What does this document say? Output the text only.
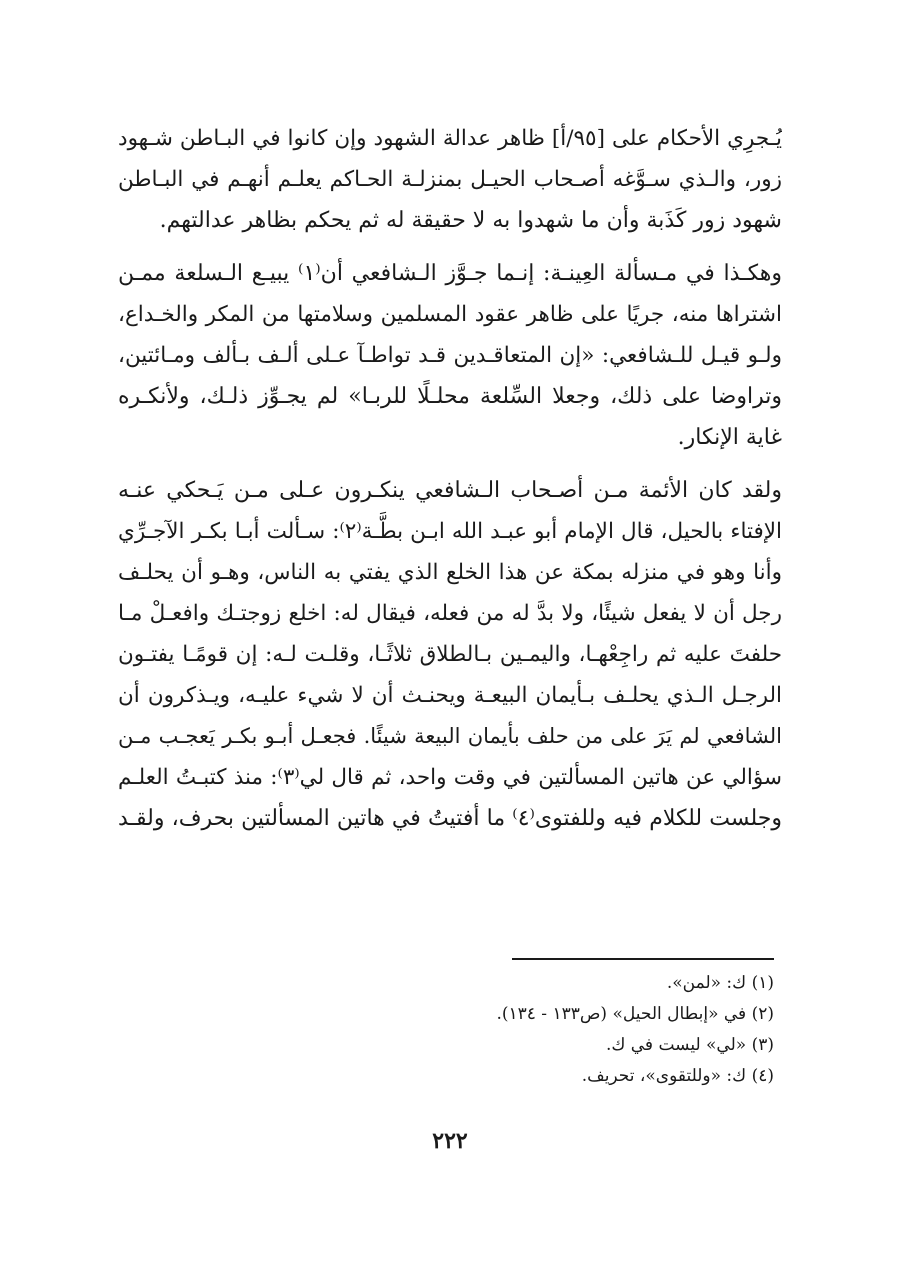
يُـجرِي الأحكام على [٩٥/أ] ظاهر عدالة الشهود وإن كانوا في البـاطن شـهود
زور، والـذي سـوَّغه أصـحاب الحيـل بمنزلـة الحـاكم يعلـم أنهـم في البـاطن
شهود زور كَذَبة وأن ما شهدوا به لا حقيقة له ثم يحكم بظاهر عدالتهم.

وهكـذا في مـسألة العِينـة: إنـما جـوَّز الـشافعي أن⁽١⁾ يبيـع الـسلعة ممـن
اشتراها منه، جريًا على ظاهر عقود المسلمين وسلامتها من المكر والخـداع،
ولـو قيـل للـشافعي: «إن المتعاقـدين قـد تواطـآ عـلى ألـف بـألف ومـائتين،
وتراوضا على ذلك، وجعلا السِّلعة محلـلًا للربـا» لم يجـوِّز ذلـك، ولأنكـره
غاية الإنكار.

ولقد كان الأئمة مـن أصـحاب الـشافعي ينكـرون عـلى مـن يَـحكي عنـه
الإفتاء بالحيل، قال الإمام أبو عبـد الله ابـن بطَّـة⁽٢⁾: سـألت أبـا بكـر الآجـرِّي
وأنا وهو في منزله بمكة عن هذا الخلع الذي يفتي به الناس، وهـو أن يحلـف
رجل أن لا يفعل شيئًا، ولا بدَّ له من فعله، فيقال له: اخلع زوجتـك وافعـلْ مـا
حلفتَ عليه ثم راجِعْهـا، واليمـين بـالطلاق ثلاثًـا، وقلـت لـه: إن قومًـا يفتـون
الرجـل الـذي يحلـف بـأيمان البيعـة ويحنـث أن لا شيء عليـه، ويـذكرون أن
الشافعي لم يَرَ على من حلف بأيمان البيعة شيئًا. فجعـل أبـو بكـر يَعجـب مـن
سؤالي عن هاتين المسألتين في وقت واحد، ثم قال لي⁽٣⁾: منذ كتبـتُ العلـم
وجلست للكلام فيه وللفتوى⁽٤⁾ ما أفتيتُ في هاتين المسألتين بحرف، ولقـد

(١) ك: «لمن».
(٢) في «إبطال الحيل» (ص١٣٣ - ١٣٤).
(٣) «لي» ليست في ك.
(٤) ك: «وللتقوى»، تحريف.
٢٢٢
